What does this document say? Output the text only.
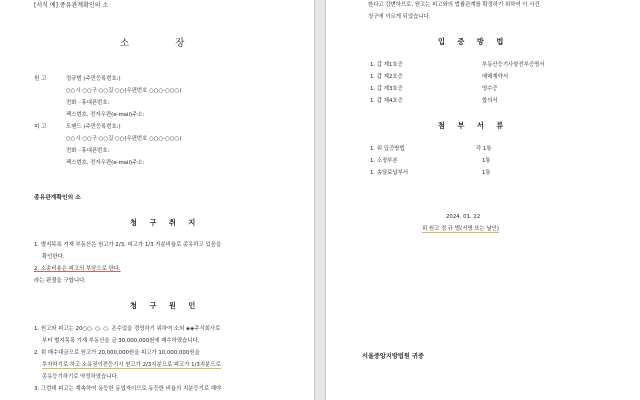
[서식 예] 종유관계확인의 소
소	장
원 고	정규범 (주민등록번호:)
○○시 ○○구 ○○길 ○○(우편번호 ○○○-○○○)
전화 · 휴대폰번호:
팩스번호, 전자우편(e-mail)주소:
피 고	도펜드 (주민등록번호:)
○○시 ○○구 ○○길 ○○(우편번호 ○○○-○○○)
전화 · 휴대폰번호:
팩스번호, 전자우편(e-mail)주소:
종유관계확인의 소
청 구 취 지
1. 별지목록 기재 부동산은 원고가 2/3, 피고가 1/3 지분비율로 종유하고 있음을
확인한다.
2. 소송비용은 피고의 부담으로 한다.
라는 판결을 구합니다.
청 구 원 인
1. 원고와 피고는 20○○. ○. ○. 온수업을 경영하기 위하여 소외 ◈◈주식회사로
부터 별지목록 기재 부동산을 금 30,000,000원에 매수하였습니다.
2. 위 매수대금으로 원고가 20,000,000원을 피고가 10,000,000원을
투자하기로 하고 소유권이전등기시 원고가 2/3지분으로 피고가 1/3지분으로
종유등기하기로 약정하였습니다.
3. 그런데 피고는 계속하여 동등한 동업자이므로 동등한 비율의 지분등기로 해야
한다고 강변하므로, 원고는 피고와의 법률관계를 확정하기 위하여 이 사건
청구에 이르게 되었습니다.
입 증 방 법
1. 갑 제1호증	부동산등기사항전부증명서
1. 갑 제2호증	매매계약서
1. 갑 제3호증	영수증
1. 갑 제4호증	합의서
첨 부 서 류
1. 위 입증방법	각 1통
1. 소장부본	1통
1. 송달료납부서	1통
2024. 01. 22
위 원고 정 규 범(서명 또는 날인)
서울중앙지방법원 귀중
